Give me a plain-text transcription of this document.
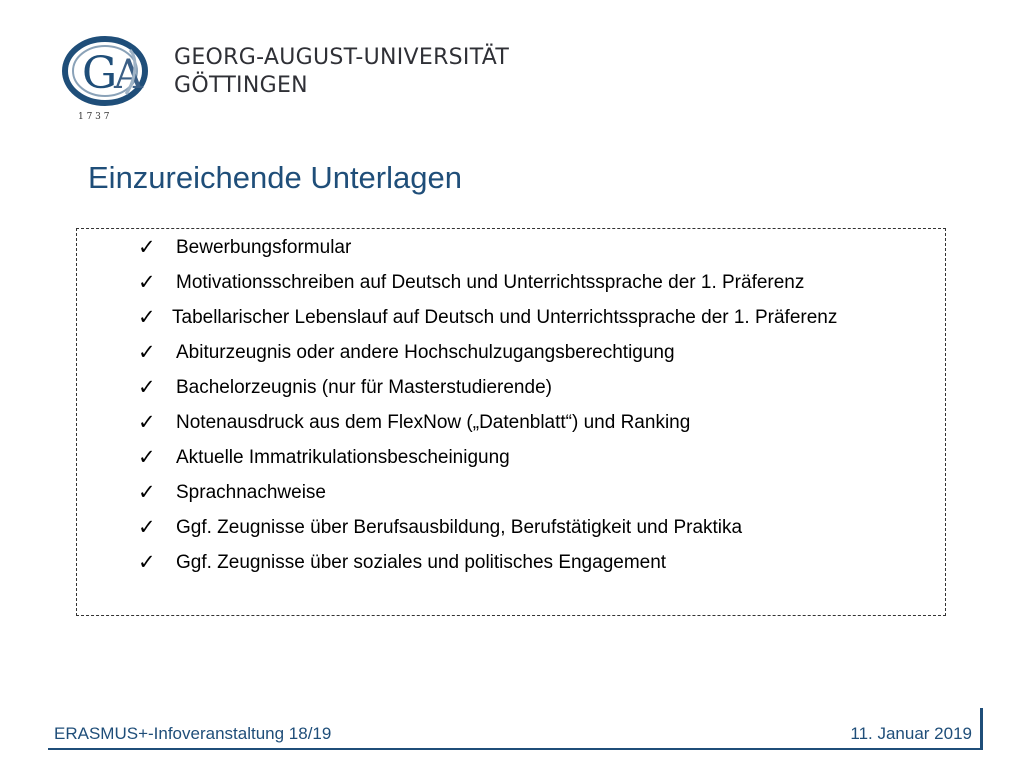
G
A
1 7 3 7
GEORG-AUGUST-UNIVERSITÄT
GÖTTINGEN
Einzureichende Unterlagen
✓ Bewerbungsformular
✓ Motivationsschreiben auf Deutsch und Unterrichtssprache der 1. Präferenz
✓ Tabellarischer Lebenslauf auf Deutsch und Unterrichtssprache der 1. Präferenz
✓ Abiturzeugnis oder andere Hochschulzugangsberechtigung
✓ Bachelorzeugnis (nur für Masterstudierende)
✓ Notenausdruck aus dem FlexNow („Datenblatt“) und Ranking
✓ Aktuelle Immatrikulationsbescheinigung
✓ Sprachnachweise
✓ Ggf. Zeugnisse über Berufsausbildung, Berufstätigkeit und Praktika
✓ Ggf. Zeugnisse über soziales und politisches Engagement
ERASMUS+-Infoveranstaltung 18/19	11. Januar 2019
